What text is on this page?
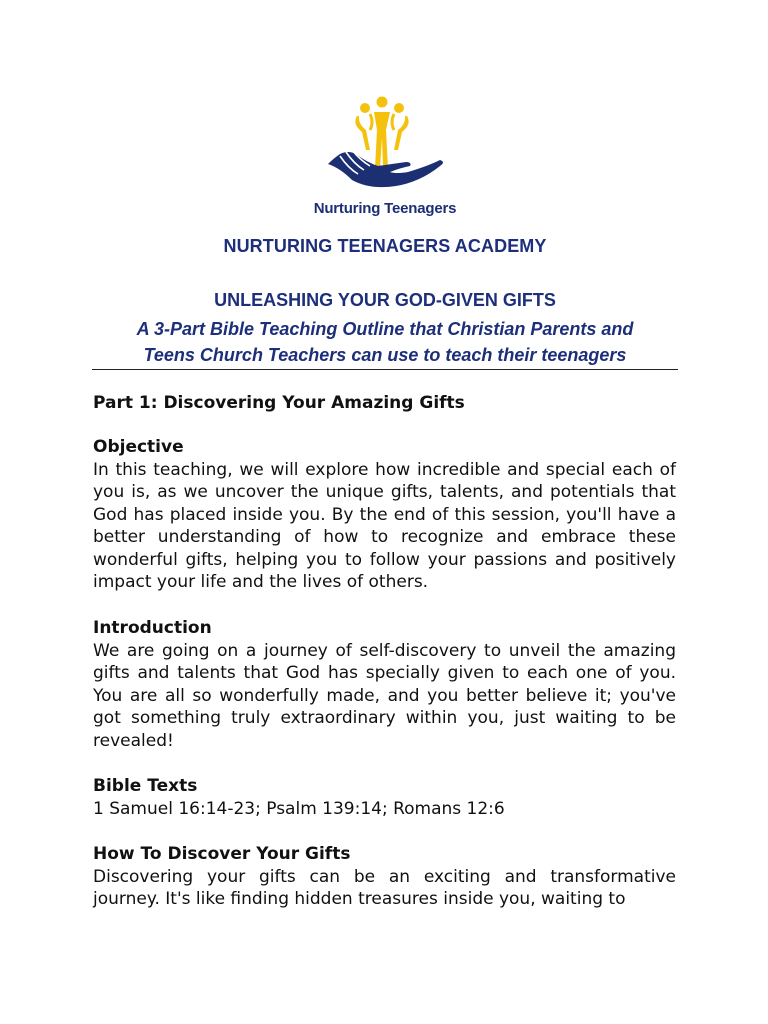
Nurturing Teenagers
NURTURING TEENAGERS ACADEMY
UNLEASHING YOUR GOD-GIVEN GIFTS
A 3-Part Bible Teaching Outline that Christian Parents and
Teens Church Teachers can use to teach their teenagers

Part 1: Discovering Your Amazing Gifts

Objective

In this teaching, we will explore how incredible and special each of you is, as we uncover the unique gifts, talents, and potentials that God has placed inside you. By the end of this session, you'll have a better understanding of how to recognize and embrace these wonderful gifts, helping you to follow your passions and positively impact your life and the lives of others.

Introduction

We are going on a journey of self-discovery to unveil the amazing gifts and talents that God has specially given to each one of you. You are all so wonderfully made, and you better believe it; you've got something truly extraordinary within you, just waiting to be revealed!

Bible Texts

1 Samuel 16:14-23; Psalm 139:14; Romans 12:6

How To Discover Your Gifts

Discovering your gifts can be an exciting and transformative journey. It's like finding hidden treasures inside you, waiting to
